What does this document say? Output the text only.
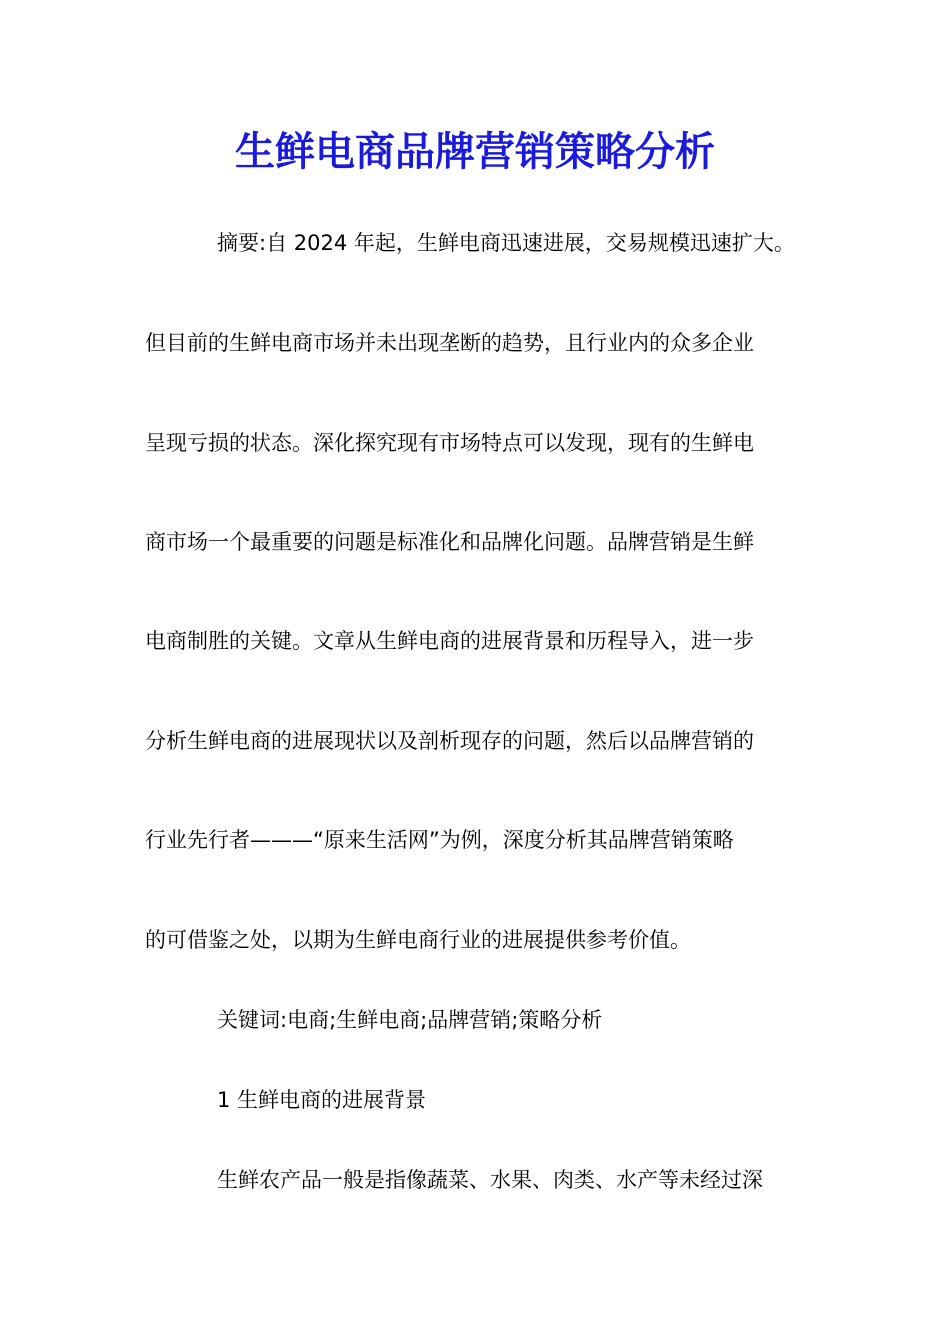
生鲜电商品牌营销策略分析

摘要:自 2024 年起，生鲜电商迅速进展，交易规模迅速扩大。

但目前的生鲜电商市场并未出现垄断的趋势，且行业内的众多企业

呈现亏损的状态。深化探究现有市场特点可以发现，现有的生鲜电

商市场一个最重要的问题是标准化和品牌化问题。品牌营销是生鲜

电商制胜的关键。文章从生鲜电商的进展背景和历程导入，进一步

分析生鲜电商的进展现状以及剖析现存的问题，然后以品牌营销的

行业先行者———“原来生活网”为例，深度分析其品牌营销策略

的可借鉴之处，以期为生鲜电商行业的进展提供参考价值。

关键词:电商;生鲜电商;品牌营销;策略分析

1 生鲜电商的进展背景

生鲜农产品一般是指像蔬菜、水果、肉类、水产等未经过深
